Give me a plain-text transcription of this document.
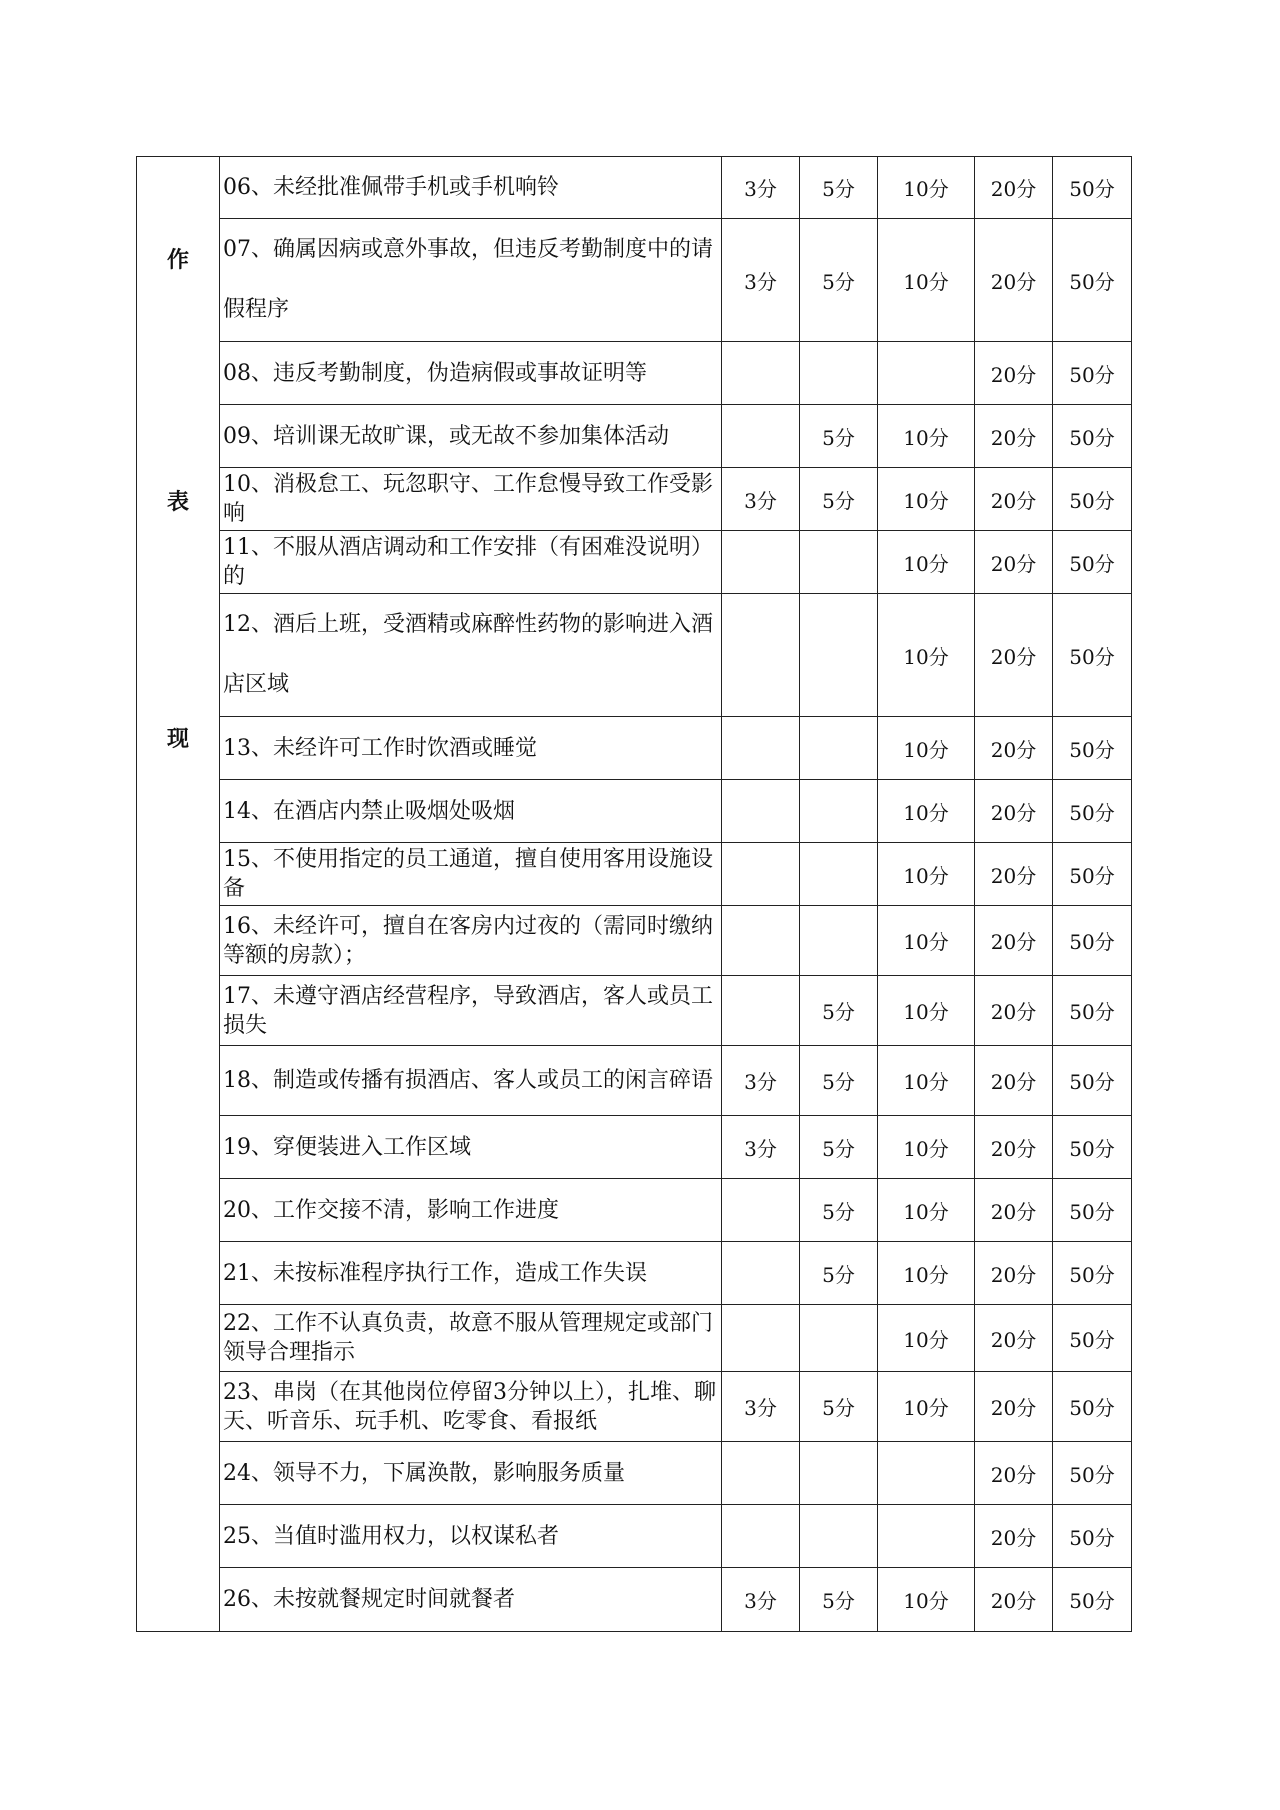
作
表
现	06、未经批准佩带手机或手机响铃	3分	5分	10分	20分	50分
	07、确属因病或意外事故，但违反考勤制度中的请假程序	3分	5分	10分	20分	50分
	08、违反考勤制度，伪造病假或事故证明等				20分	50分
	09、培训课无故旷课，或无故不参加集体活动		5分	10分	20分	50分
	10、消极怠工、玩忽职守、工作怠慢导致工作受影响	3分	5分	10分	20分	50分
	11、不服从酒店调动和工作安排（有困难没说明）的			10分	20分	50分
	12、酒后上班，受酒精或麻醉性药物的影响进入酒店区域			10分	20分	50分
	13、未经许可工作时饮酒或睡觉			10分	20分	50分
	14、在酒店内禁止吸烟处吸烟			10分	20分	50分
	15、不使用指定的员工通道，擅自使用客用设施设备			10分	20分	50分
	16、未经许可，擅自在客房内过夜的（需同时缴纳等额的房款）；			10分	20分	50分
	17、未遵守酒店经营程序，导致酒店，客人或员工损失		5分	10分	20分	50分
	18、制造或传播有损酒店、客人或员工的闲言碎语	3分	5分	10分	20分	50分
	19、穿便装进入工作区域	3分	5分	10分	20分	50分
	20、工作交接不清，影响工作进度		5分	10分	20分	50分
	21、未按标准程序执行工作，造成工作失误		5分	10分	20分	50分
	22、工作不认真负责，故意不服从管理规定或部门领导合理指示			10分	20分	50分
	23、串岗（在其他岗位停留3分钟以上），扎堆、聊天、听音乐、玩手机、吃零食、看报纸	3分	5分	10分	20分	50分
	24、领导不力，下属涣散，影响服务质量				20分	50分
	25、当值时滥用权力，以权谋私者				20分	50分
	26、未按就餐规定时间就餐者	3分	5分	10分	20分	50分
